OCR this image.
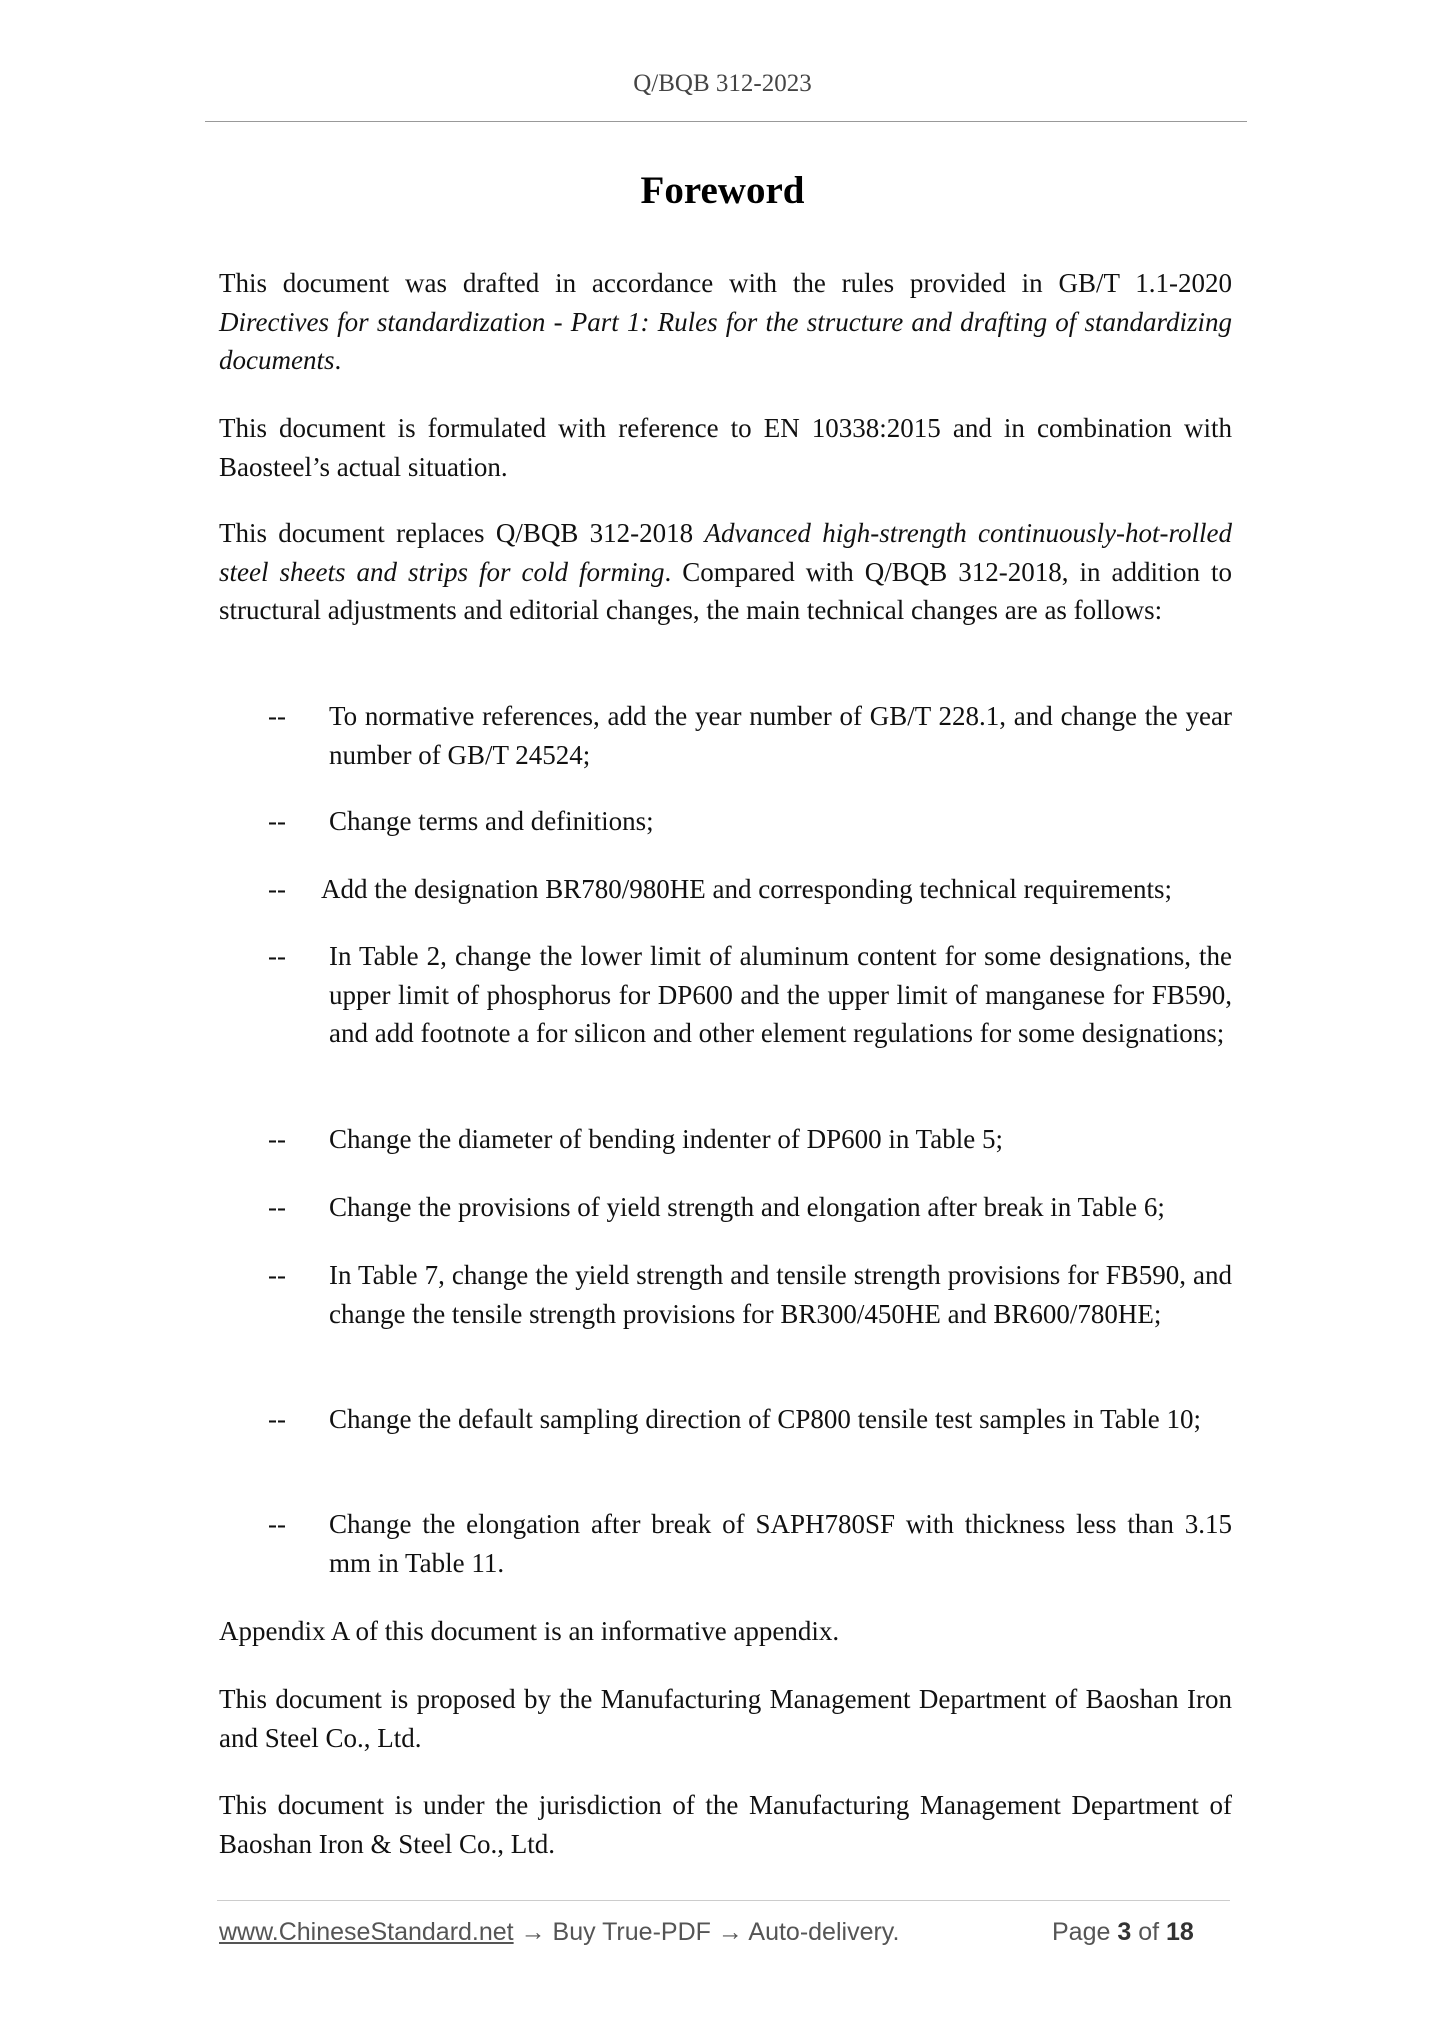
Q/BQB 312-2023
Foreword

This document was drafted in accordance with the rules provided in GB/T 1.1-2020 Directives for standardization - Part 1: Rules for the structure and drafting of standardizing documents.

This document is formulated with reference to EN 10338:2015 and in combination with Baosteel’s actual situation.

This document replaces Q/BQB 312-2018 Advanced high-strength continuously-hot-rolled steel sheets and strips for cold forming. Compared with Q/BQB 312-2018, in addition to structural adjustments and editorial changes, the main technical changes are as follows:

-- To normative references, add the year number of GB/T 228.1, and change the year number of GB/T 24524;
-- Change terms and definitions;
-- Add the designation BR780/980HE and corresponding technical requirements;
-- In Table 2, change the lower limit of aluminum content for some designations, the upper limit of phosphorus for DP600 and the upper limit of manganese for FB590, and add footnote a for silicon and other element regulations for some designations;
-- Change the diameter of bending indenter of DP600 in Table 5;
-- Change the provisions of yield strength and elongation after break in Table 6;
-- In Table 7, change the yield strength and tensile strength provisions for FB590, and change the tensile strength provisions for BR300/450HE and BR600/780HE;
-- Change the default sampling direction of CP800 tensile test samples in Table 10;
-- Change the elongation after break of SAPH780SF with thickness less than 3.15 mm in Table 11.

Appendix A of this document is an informative appendix.

This document is proposed by the Manufacturing Management Department of Baoshan Iron and Steel Co., Ltd.

This document is under the jurisdiction of the Manufacturing Management Department of Baoshan Iron & Steel Co., Ltd.

www.ChineseStandard.net → Buy True-PDF → Auto-delivery.	Page 3 of 18
